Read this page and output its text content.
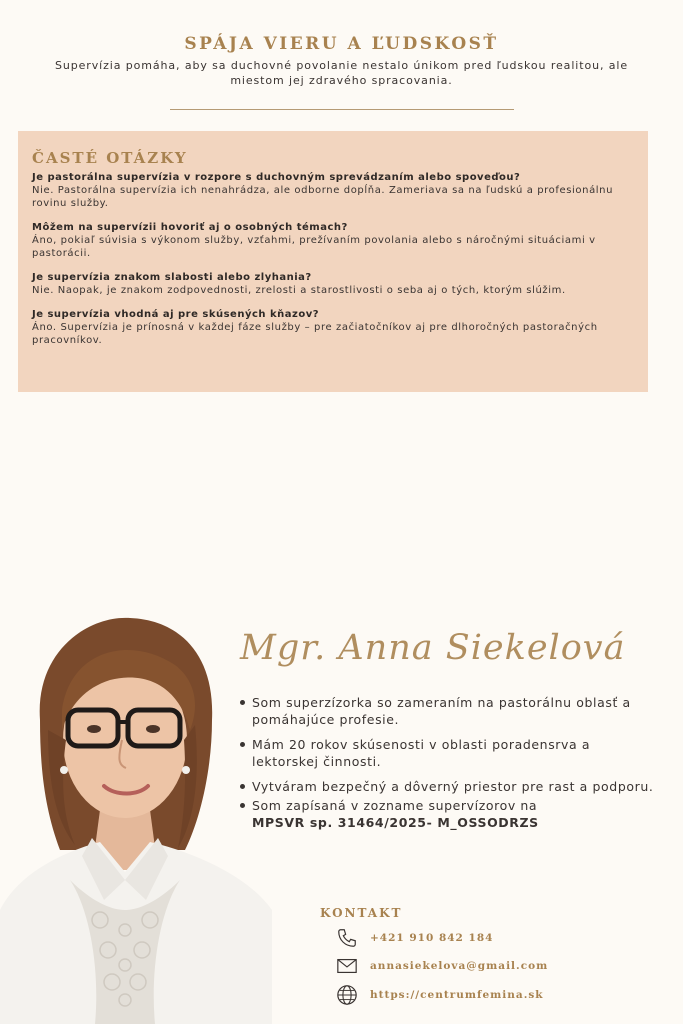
SPÁJA VIERU A ĽUDSKOSŤ
Supervízia pomáha, aby sa duchovné povolanie nestalo únikom pred ľudskou realitou, ale miestom jej zdravého spracovania.
ČASTÉ OTÁZKY
Je pastorálna supervízia v rozpore s duchovným sprevádzaním alebo spoveďou?
Nie. Pastorálna supervízia ich nenahrádza, ale odborne dopĺňa. Zameriava sa na ľudskú a profesionálnu rovinu služby.
Môžem na supervízii hovoriť aj o osobných témach?
Áno, pokiaľ súvisia s výkonom služby, vzťahmi, prežívaním povolania alebo s náročnými situáciami v pastorácii.
Je supervízia znakom slabosti alebo zlyhania?
Nie. Naopak, je znakom zodpovednosti, zrelosti a starostlivosti o seba aj o tých, ktorým slúžim.
Je supervízia vhodná aj pre skúsených kňazov?
Áno. Supervízia je prínosná v každej fáze služby – pre začiatočníkov aj pre dlhoročných pastoračných pracovníkov.
Mgr. Anna Siekelová
Som superzízorka so zameraním na pastorálnu oblasť a pomáhajúce profesie.
Mám 20 rokov skúsenosti v oblasti poradensrva a lektorskej činnosti.
Vytváram bezpečný a dôverný priestor pre rast a podporu.
Som zapísaná v zozname supervízorov na
MPSVR sp. 31464/2025- M_OSSODRZS
KONTAKT
+421 910 842 184
annasiekelova@gmail.com
https://centrumfemina.sk
